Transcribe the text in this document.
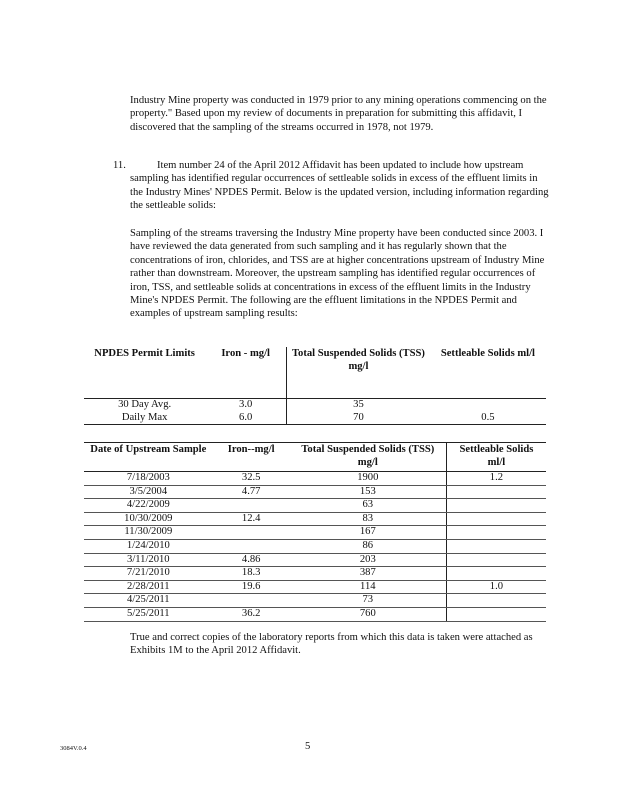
Industry Mine property was conducted in 1979 prior to any mining operations commencing on the property." Based upon my review of documents in preparation for submitting this affidavit, I discovered that the sampling of the streams occurred in 1978, not 1979.

11.	Item number 24 of the April 2012 Affidavit has been updated to include how upstream sampling has identified regular occurrences of settleable solids in excess of the effluent limits in the Industry Mines' NPDES Permit. Below is the updated version, including information regarding the settleable solids:

Sampling of the streams traversing the Industry Mine property have been conducted since 2003. I have reviewed the data generated from such sampling and it has regularly shown that the concentrations of iron, chlorides, and TSS are at higher concentrations upstream of Industry Mine rather than downstream. Moreover, the upstream sampling has identified regular occurrences of iron, TSS, and settleable solids at concentrations in excess of the effluent limits in the Industry Mine's NPDES Permit. The following are the effluent limitations in the NPDES Permit and examples of upstream sampling results:

NPDES Permit Limits	Iron - mg/l	Total Suspended Solids (TSS) mg/l	Settleable Solids ml/l
30 Day Avg.	3.0	35	
Daily Max	6.0	70	0.5
Date of Upstream Sample	Iron--mg/l	Total Suspended Solids (TSS) mg/l	Settleable Solids ml/l
7/18/2003	32.5	1900	1.2
3/5/2004	4.77	153	
4/22/2009		63	
10/30/2009	12.4	83	
11/30/2009		167	
1/24/2010		86	
3/11/2010	4.86	203	
7/21/2010	18.3	387	
2/28/2011	19.6	114	1.0
4/25/2011		73	
5/25/2011	36.2	760	

True and correct copies of the laboratory reports from which this data is taken were attached as Exhibits 1M to the April 2012 Affidavit.

3084V.0.4	5
